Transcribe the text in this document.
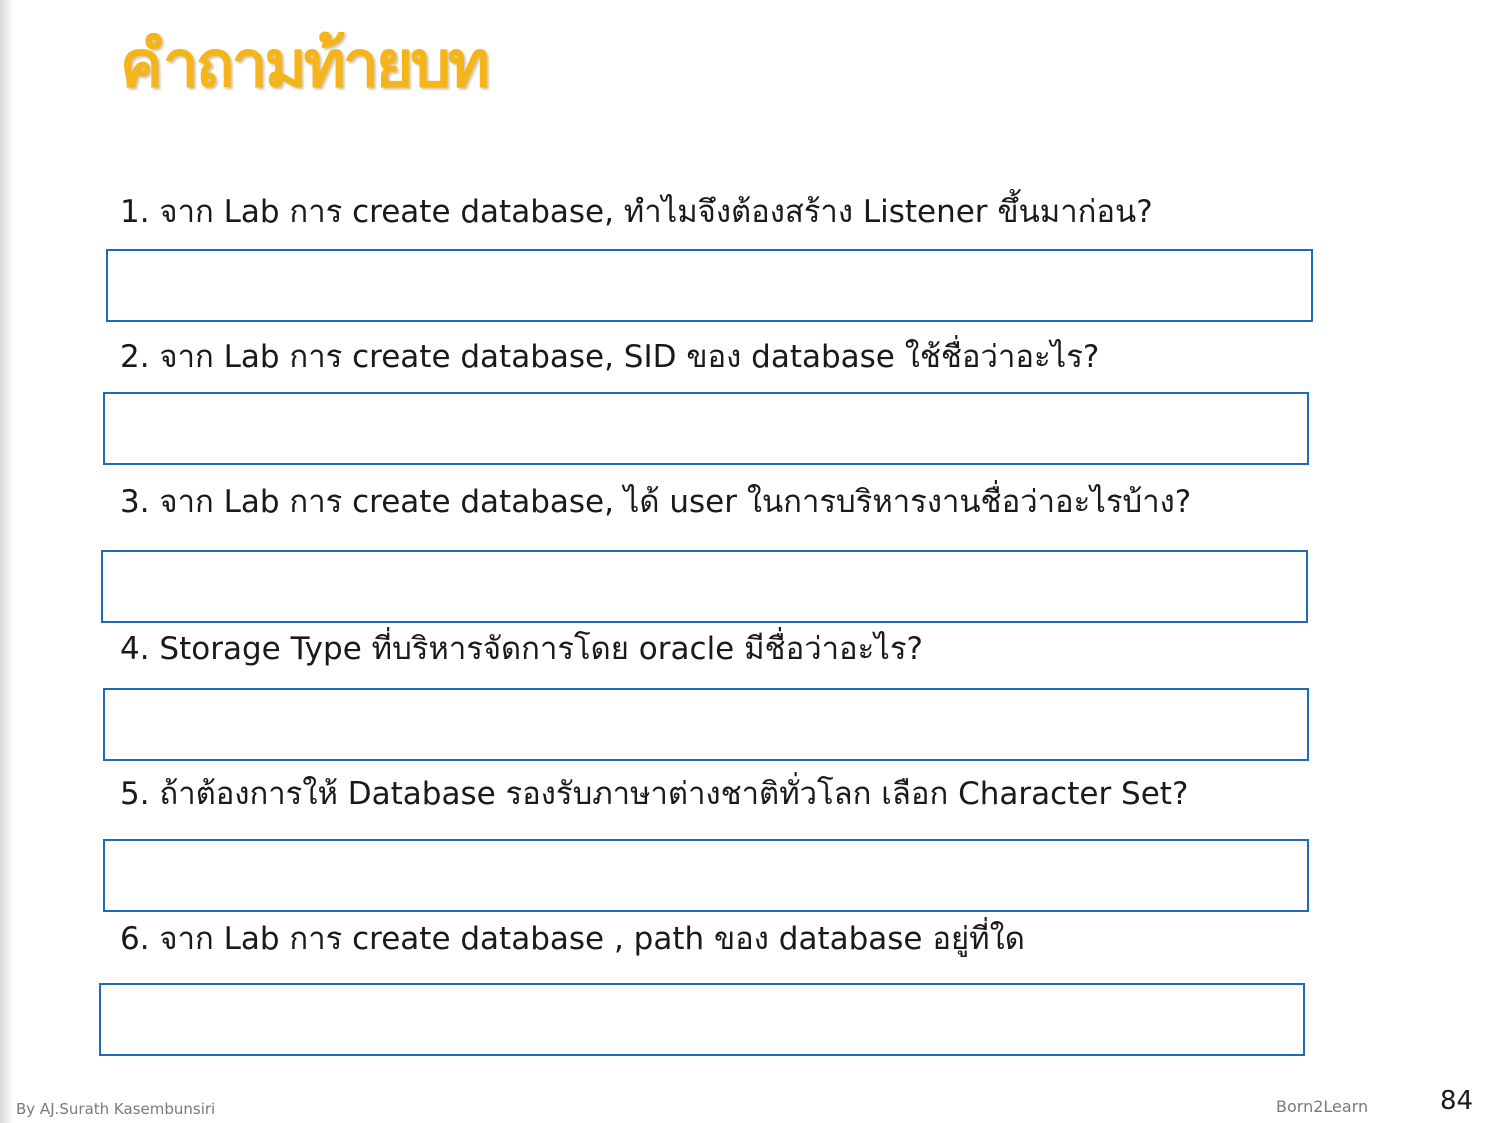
คำถามท้ายบท
1. จาก Lab การ create database, ทำไมจึงต้องสร้าง Listener ขึ้นมาก่อน?
2. จาก Lab การ create database, SID ของ database ใช้ชื่อว่าอะไร?
3. จาก Lab การ create database, ได้ user ในการบริหารงานชื่อว่าอะไรบ้าง?
4. Storage Type ที่บริหารจัดการโดย oracle มีชื่อว่าอะไร?
5. ถ้าต้องการให้ Database รองรับภาษาต่างชาติทั่วโลก เลือก Character Set?
6. จาก Lab การ create database , path ของ database อยู่ที่ใด
By AJ.Surath Kasembunsiri	Born2Learn	84
